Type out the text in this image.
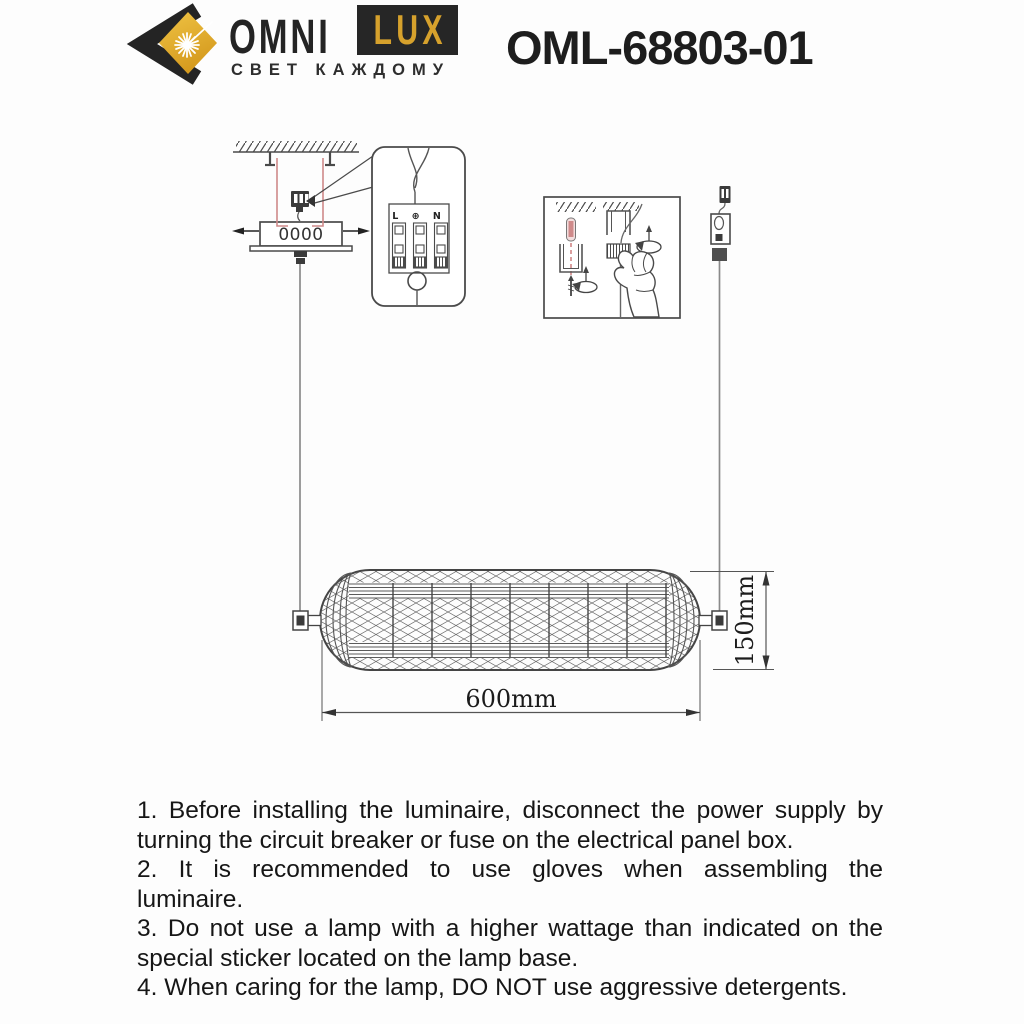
OMNI LUX
СВЕТ КАЖДОМУ OML-68803-01
0000
L ⊕ N
600mm
150mm
1. Before installing the luminaire, disconnect the power supply by
turning the circuit breaker or fuse on the electrical panel box.
2. It is recommended to use gloves when assembling the
luminaire.
3. Do not use a lamp with a higher wattage than indicated on the
special sticker located on the lamp base.
4. When caring for the lamp, DO NOT use aggressive detergents.
